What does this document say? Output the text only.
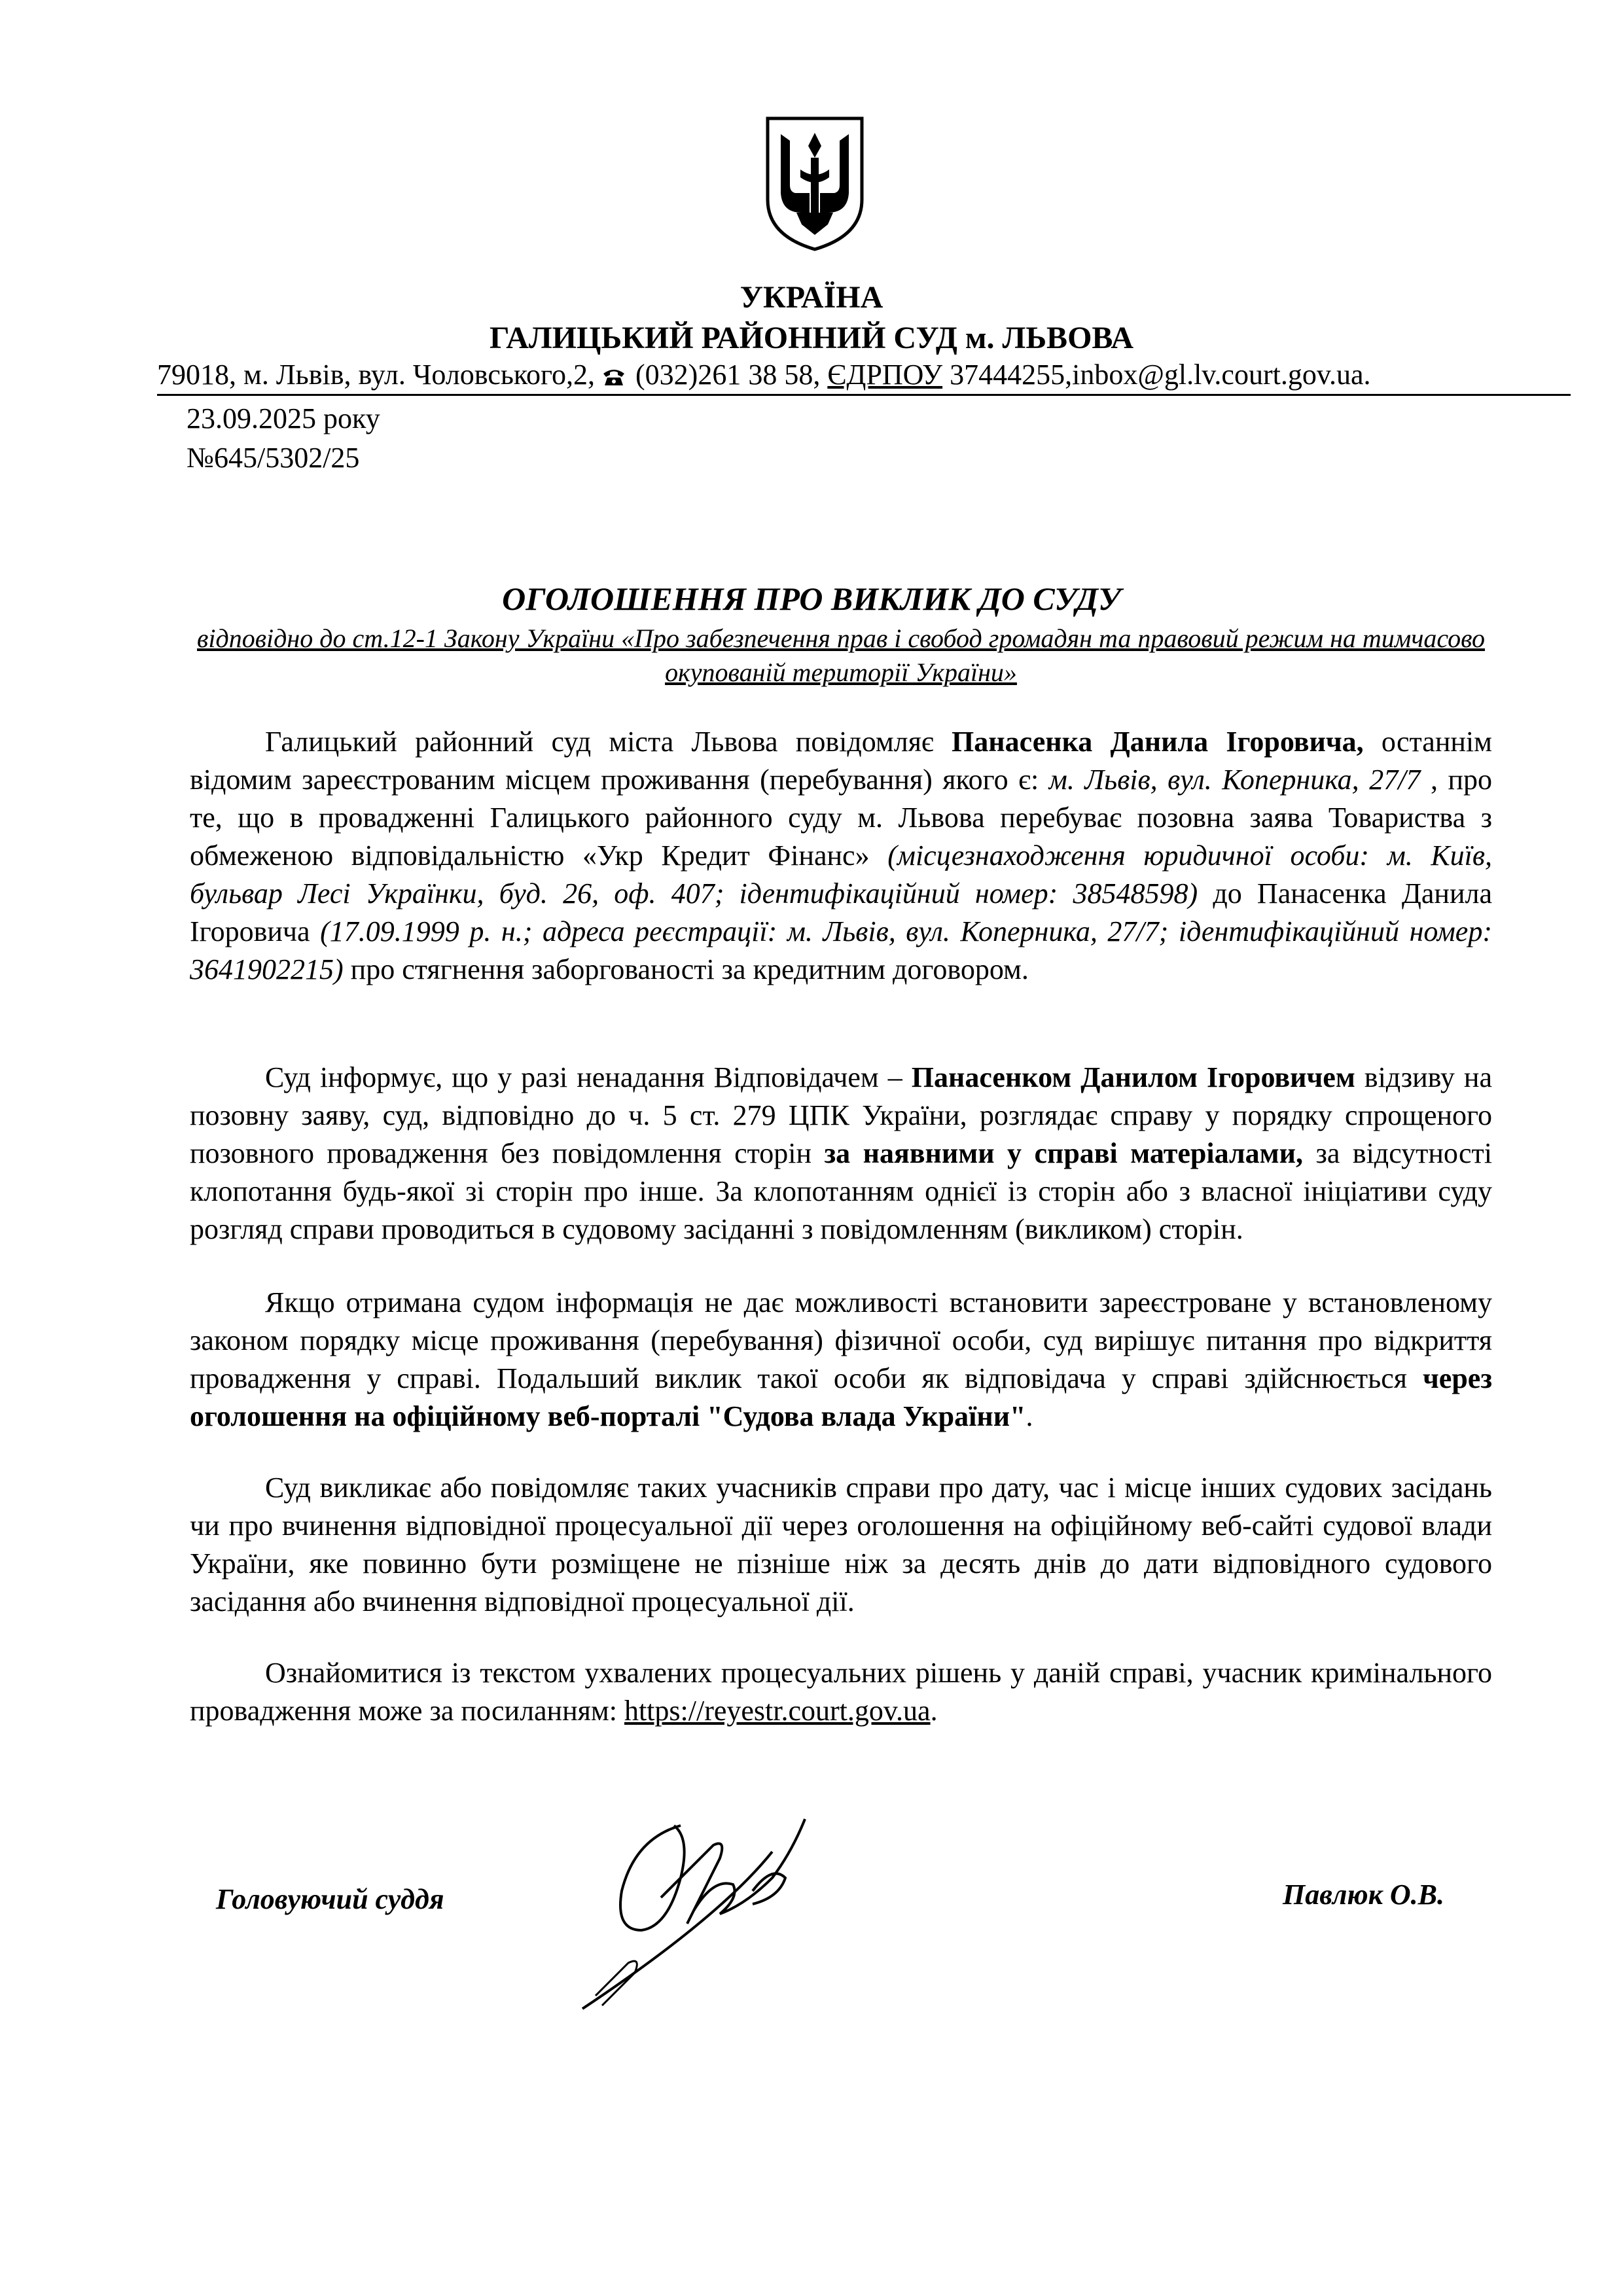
УКРАЇНА
ГАЛИЦЬКИЙ РАЙОННИЙ СУД м. ЛЬВОВА
79018, м. Львів, вул. Чоловського,2, (032)261 38 58, ЄДРПОУ 37444255,inbox@gl.lv.court.gov.ua.
23.09.2025 року
№645/5302/25
ОГОЛОШЕННЯ ПРО ВИКЛИК ДО СУДУ
відповідно до ст.12-1 Закону України «Про забезпечення прав і свобод громадян та правовий режим на тимчасово окупованій території України»

Галицький районний суд міста Львова повідомляє Панасенка Данила Ігоровича, останнім відомим зареєстрованим місцем проживання (перебування) якого є: м. Львів, вул. Коперника, 27/7 , про те, що в провадженні Галицького районного суду м. Львова перебуває позовна заява Товариства з обмеженою відповідальністю «Укр Кредит Фінанс» (місцезнаходження юридичної особи: м. Київ, бульвар Лесі Українки, буд. 26, оф. 407; ідентифікаційний номер: 38548598) до Панасенка Данила Ігоровича (17.09.1999 р. н.; адреса реєстрації: м. Львів, вул. Коперника, 27/7; ідентифікаційний номер: 3641902215) про стягнення заборгованості за кредитним договором.

Суд інформує, що у разі ненадання Відповідачем – Панасенком Данилом Ігоровичем відзиву на позовну заяву, суд, відповідно до ч. 5 ст. 279 ЦПК України, розглядає справу у порядку спрощеного позовного провадження без повідомлення сторін за наявними у справі матеріалами, за відсутності клопотання будь-якої зі сторін про інше. За клопотанням однієї із сторін або з власної ініціативи суду розгляд справи проводиться в судовому засіданні з повідомленням (викликом) сторін.

Якщо отримана судом інформація не дає можливості встановити зареєстроване у встановленому законом порядку місце проживання (перебування) фізичної особи, суд вирішує питання про відкриття провадження у справі. Подальший виклик такої особи як відповідача у справі здійснюється через оголошення на офіційному веб-порталі "Судова влада України".

Суд викликає або повідомляє таких учасників справи про дату, час і місце інших судових засідань чи про вчинення відповідної процесуальної дії через оголошення на офіційному веб-сайті судової влади України, яке повинно бути розміщене не пізніше ніж за десять днів до дати відповідного судового засідання або вчинення відповідної процесуальної дії.

Ознайомитися із текстом ухвалених процесуальних рішень у даній справі, учасник кримінального провадження може за посиланням: https://reyestr.court.gov.ua.

Головуючий суддя	Павлюк О.В.
